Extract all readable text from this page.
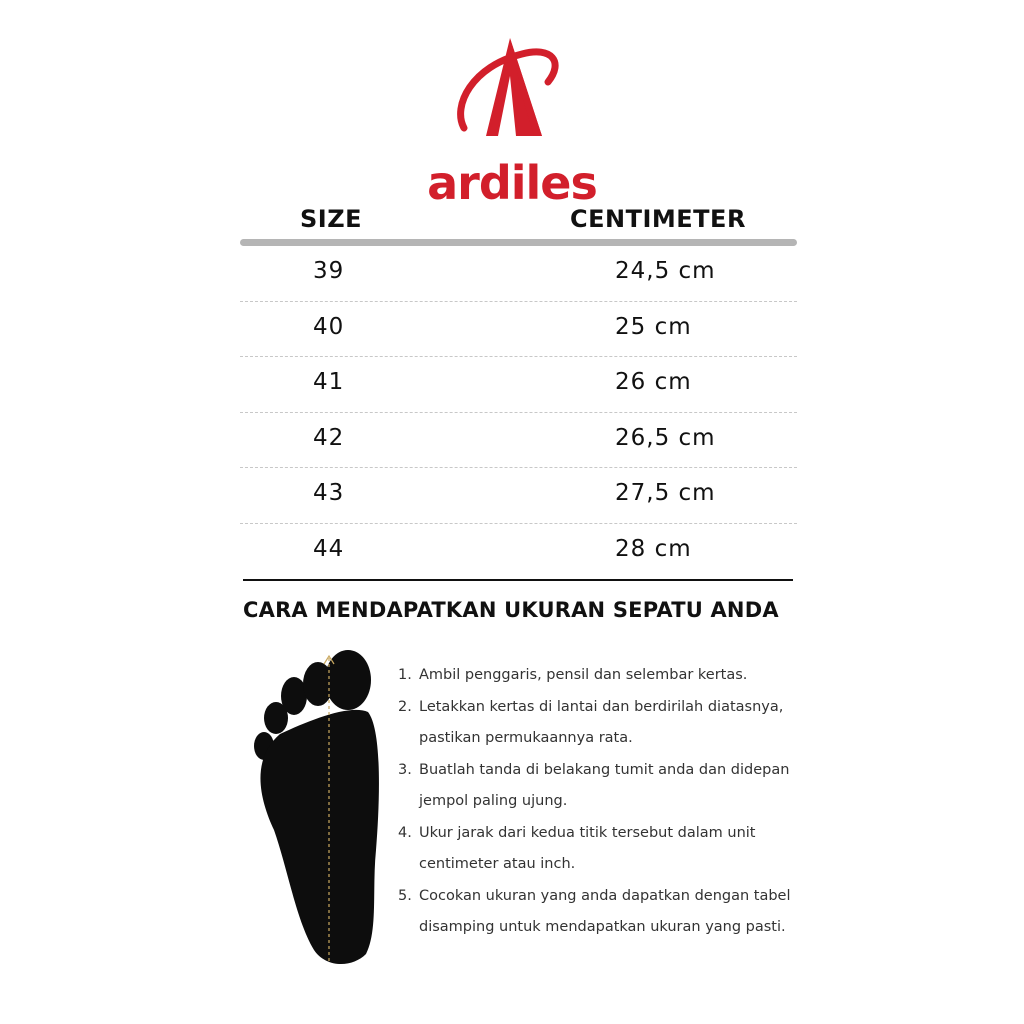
ardiles
SIZE	CENTIMETER
39	24,5 cm
40	25 cm
41	26 cm
42	26,5 cm
43	27,5 cm
44	28 cm
CARA MENDAPATKAN UKURAN SEPATU ANDA
1. Ambil penggaris, pensil dan selembar kertas.
2. Letakkan kertas di lantai dan berdirilah diatasnya, pastikan permukaannya rata.
3. Buatlah tanda di belakang tumit anda dan didepan jempol paling ujung.
4. Ukur jarak dari kedua titik tersebut dalam unit centimeter atau inch.
5. Cocokan ukuran yang anda dapatkan dengan tabel disamping untuk mendapatkan ukuran yang pasti.
